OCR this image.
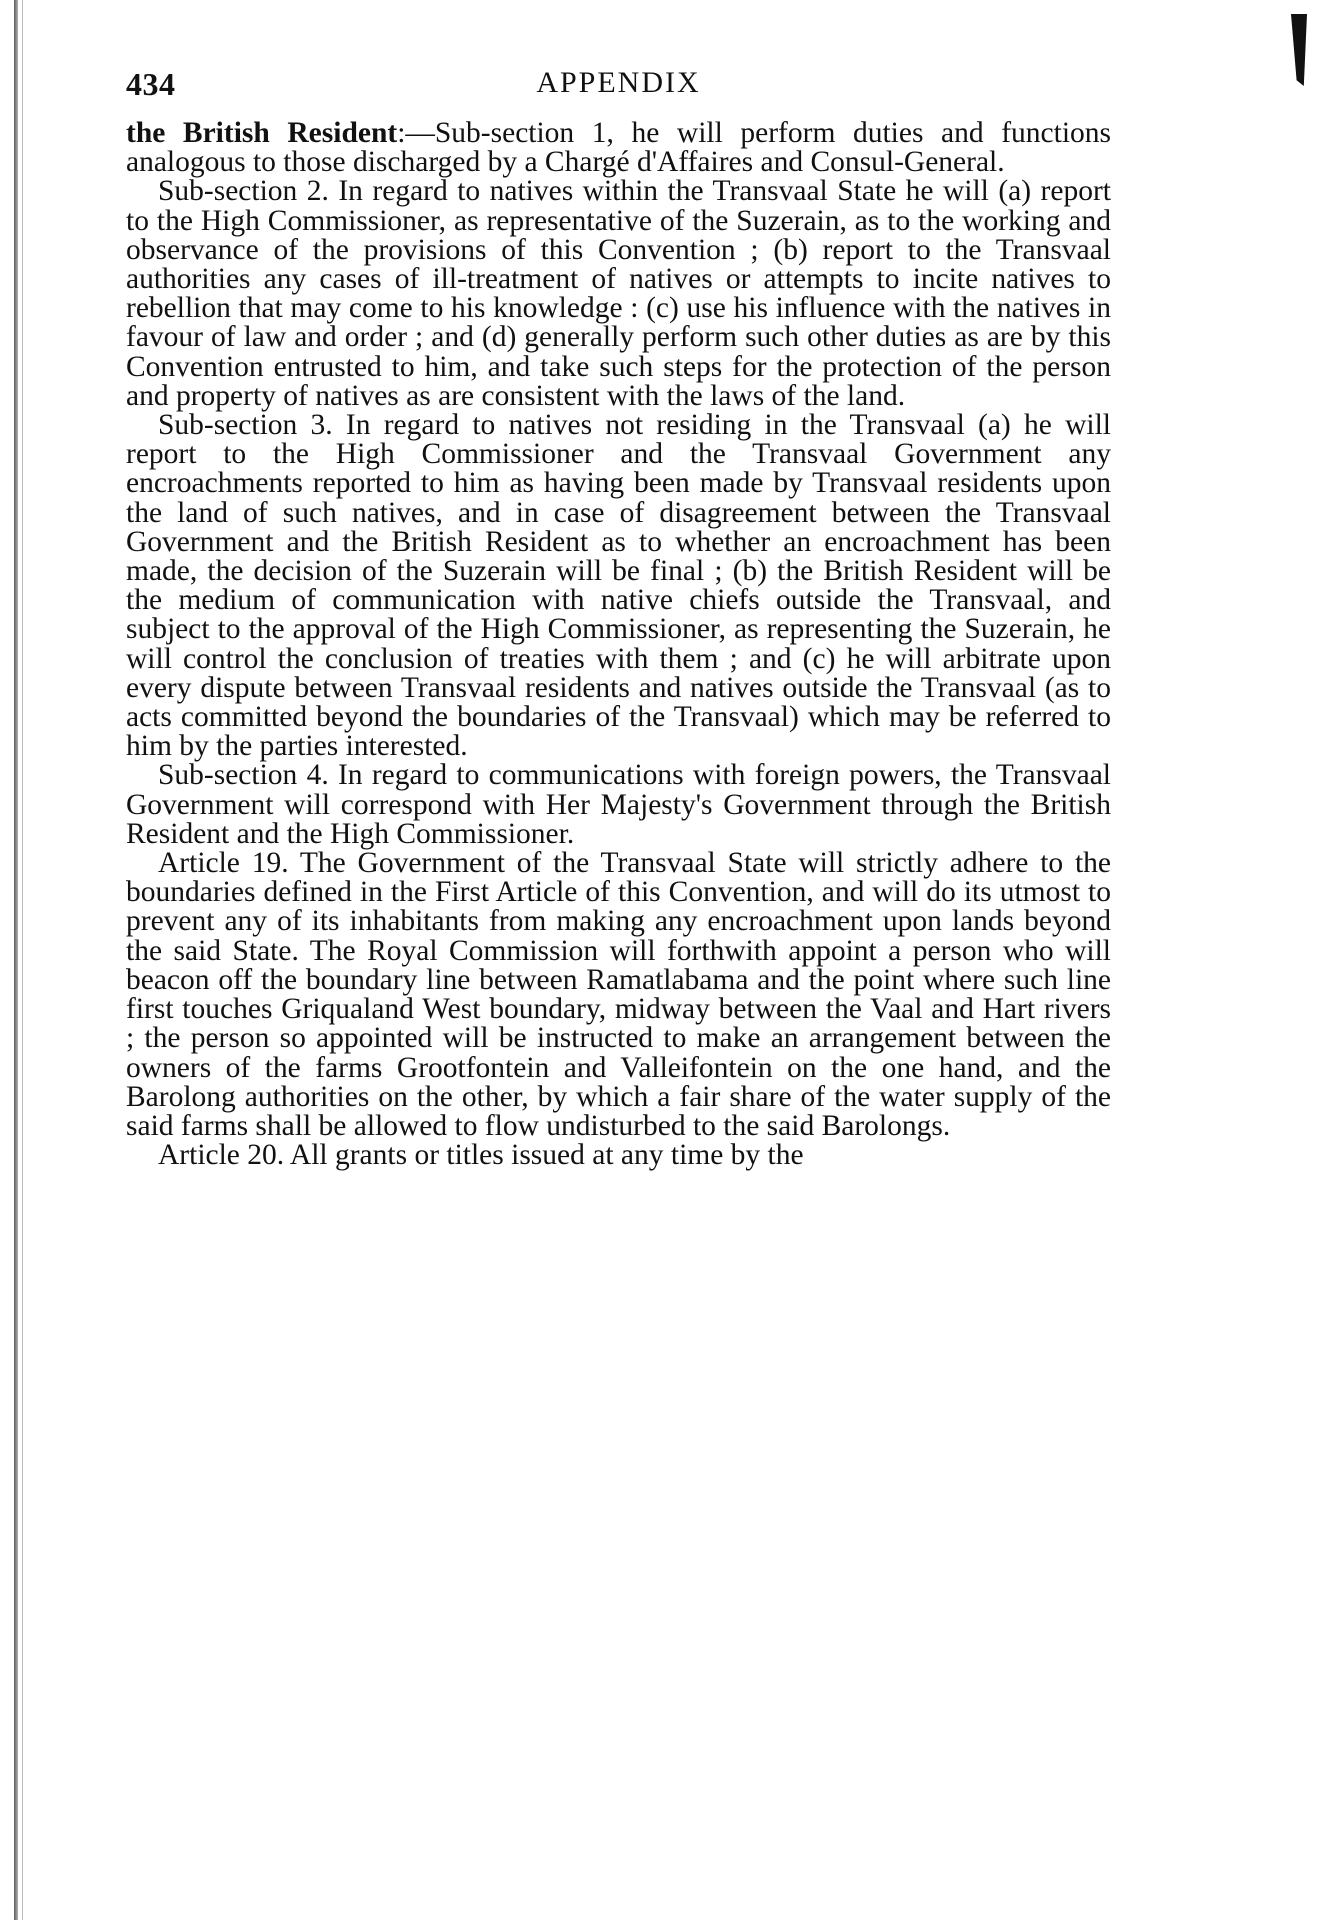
434	APPENDIX

the British Resident:—Sub-section 1, he will perform duties and functions analogous to those discharged by a Chargé d'Affaires and Consul-General.

Sub-section 2. In regard to natives within the Transvaal State he will (a) report to the High Commissioner, as representative of the Suzerain, as to the working and observance of the provisions of this Convention ; (b) report to the Transvaal authorities any cases of ill-treatment of natives or attempts to incite natives to rebellion that may come to his knowledge : (c) use his influence with the natives in favour of law and order ; and (d) generally perform such other duties as are by this Convention entrusted to him, and take such steps for the protection of the person and property of natives as are consistent with the laws of the land.

Sub-section 3. In regard to natives not residing in the Transvaal (a) he will report to the High Commissioner and the Transvaal Government any encroachments reported to him as having been made by Transvaal residents upon the land of such natives, and in case of disagreement between the Transvaal Government and the British Resident as to whether an encroachment has been made, the decision of the Suzerain will be final ; (b) the British Resident will be the medium of communication with native chiefs outside the Transvaal, and subject to the approval of the High Commissioner, as representing the Suzerain, he will control the conclusion of treaties with them ; and (c) he will arbitrate upon every dispute between Transvaal residents and natives outside the Transvaal (as to acts committed beyond the boundaries of the Transvaal) which may be referred to him by the parties interested.

Sub-section 4. In regard to communications with foreign powers, the Transvaal Government will correspond with Her Majesty's Government through the British Resident and the High Commissioner.

Article 19. The Government of the Transvaal State will strictly adhere to the boundaries defined in the First Article of this Convention, and will do its utmost to prevent any of its inhabitants from making any encroachment upon lands beyond the said State. The Royal Commission will forthwith appoint a person who will beacon off the boundary line between Ramatlabama and the point where such line first touches Griqualand West boundary, midway between the Vaal and Hart rivers ; the person so appointed will be instructed to make an arrangement between the owners of the farms Grootfontein and Valleifontein on the one hand, and the Barolong authorities on the other, by which a fair share of the water supply of the said farms shall be allowed to flow undisturbed to the said Barolongs.

Article 20. All grants or titles issued at any time by the
